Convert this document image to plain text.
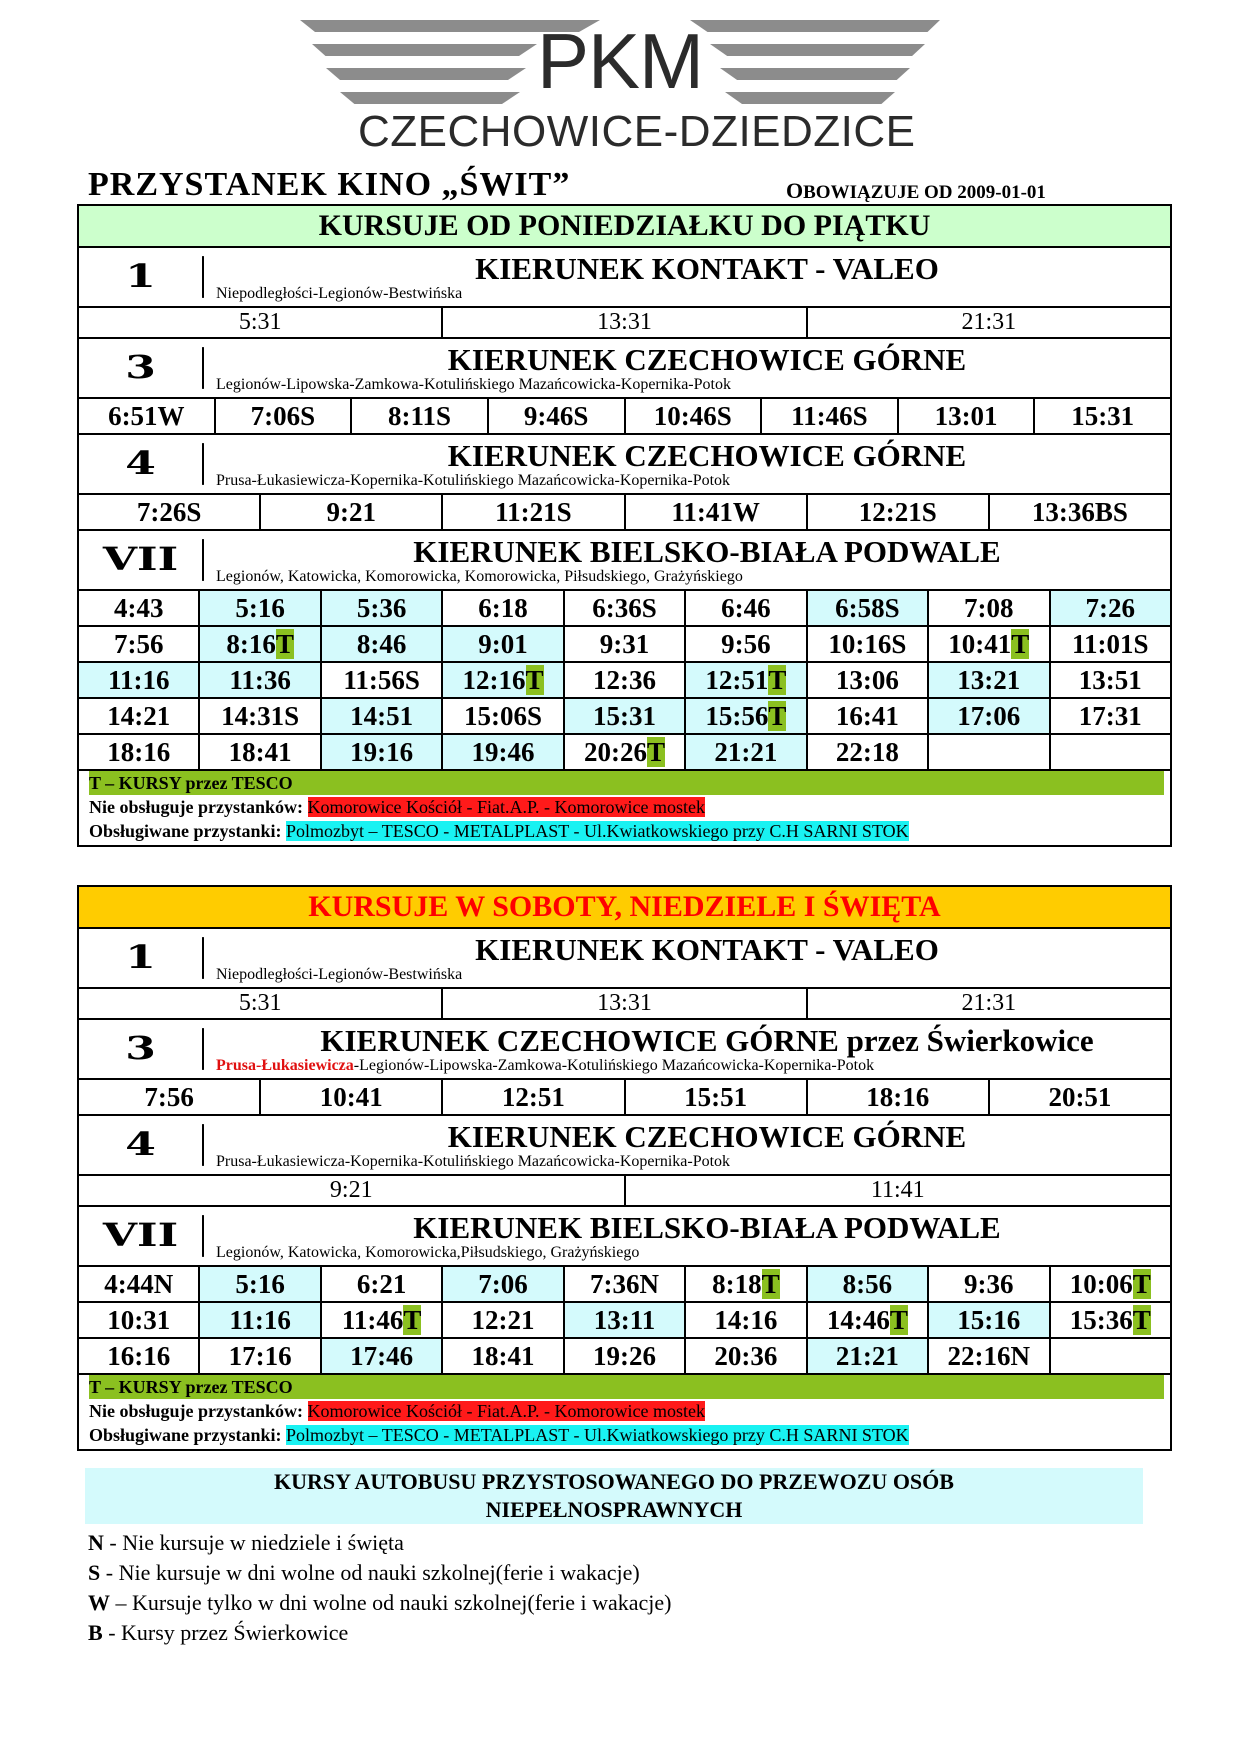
PKM
CZECHOWICE-DZIEDZICE
PRZYSTANEK KINO „ŚWIT”	OBOWIĄZUJE OD 2009-01-01
KURSUJE OD PONIEDZIAŁKU DO PIĄTKU
1	KIERUNEK KONTAKT - VALEO
Niepodległości-Legionów-Bestwińska
5:31	13:31	21:31
3	KIERUNEK CZECHOWICE GÓRNE
Legionów-Lipowska-Zamkowa-Kotulińskiego Mazańcowicka-Kopernika-Potok
6:51W	7:06S	8:11S	9:46S	10:46S	11:46S	13:01	15:31
4	KIERUNEK CZECHOWICE GÓRNE
Prusa-Łukasiewicza-Kopernika-Kotulińskiego Mazańcowicka-Kopernika-Potok
7:26S	9:21	11:21S	11:41W	12:21S	13:36BS
VII	KIERUNEK BIELSKO-BIAŁA PODWALE
Legionów, Katowicka, Komorowicka, Komorowicka, Piłsudskiego, Grażyńskiego
4:43	5:16	5:36	6:18	6:36S	6:46	6:58S	7:08	7:26
7:56	8:16T	8:46	9:01	9:31	9:56	10:16S	10:41T	11:01S
11:16	11:36	11:56S	12:16T	12:36	12:51T	13:06	13:21	13:51
14:21	14:31S	14:51	15:06S	15:31	15:56T	16:41	17:06	17:31
18:16	18:41	19:16	19:46	20:26T	21:21	22:18
T – KURSY przez TESCO
Nie obsługuje przystanków: Komorowice Kościół - Fiat.A.P. - Komorowice mostek
Obsługiwane przystanki: Polmozbyt – TESCO - METALPLAST - Ul.Kwiatkowskiego przy C.H SARNI STOK
KURSUJE W SOBOTY, NIEDZIELE I ŚWIĘTA
1	KIERUNEK KONTAKT - VALEO
Niepodległości-Legionów-Bestwińska
5:31	13:31	21:31
3	KIERUNEK CZECHOWICE GÓRNE przez Świerkowice
Prusa-Łukasiewicza-Legionów-Lipowska-Zamkowa-Kotulińskiego Mazańcowicka-Kopernika-Potok
7:56	10:41	12:51	15:51	18:16	20:51
4	KIERUNEK CZECHOWICE GÓRNE
Prusa-Łukasiewicza-Kopernika-Kotulińskiego Mazańcowicka-Kopernika-Potok
9:21	11:41
VII	KIERUNEK BIELSKO-BIAŁA PODWALE
Legionów, Katowicka, Komorowicka,Piłsudskiego, Grażyńskiego
4:44N	5:16	6:21	7:06	7:36N	8:18T	8:56	9:36	10:06T
10:31	11:16	11:46T	12:21	13:11	14:16	14:46T	15:16	15:36T
16:16	17:16	17:46	18:41	19:26	20:36	21:21	22:16N
T – KURSY przez TESCO
Nie obsługuje przystanków: Komorowice Kościół - Fiat.A.P. - Komorowice mostek
Obsługiwane przystanki: Polmozbyt – TESCO - METALPLAST - Ul.Kwiatkowskiego przy C.H SARNI STOK
KURSY AUTOBUSU PRZYSTOSOWANEGO DO PRZEWOZU OSÓB
NIEPEŁNOSPRAWNYCH
N - Nie kursuje w niedziele i święta
S - Nie kursuje w dni wolne od nauki szkolnej(ferie i wakacje)
W – Kursuje tylko w dni wolne od nauki szkolnej(ferie i wakacje)
B - Kursy przez Świerkowice
